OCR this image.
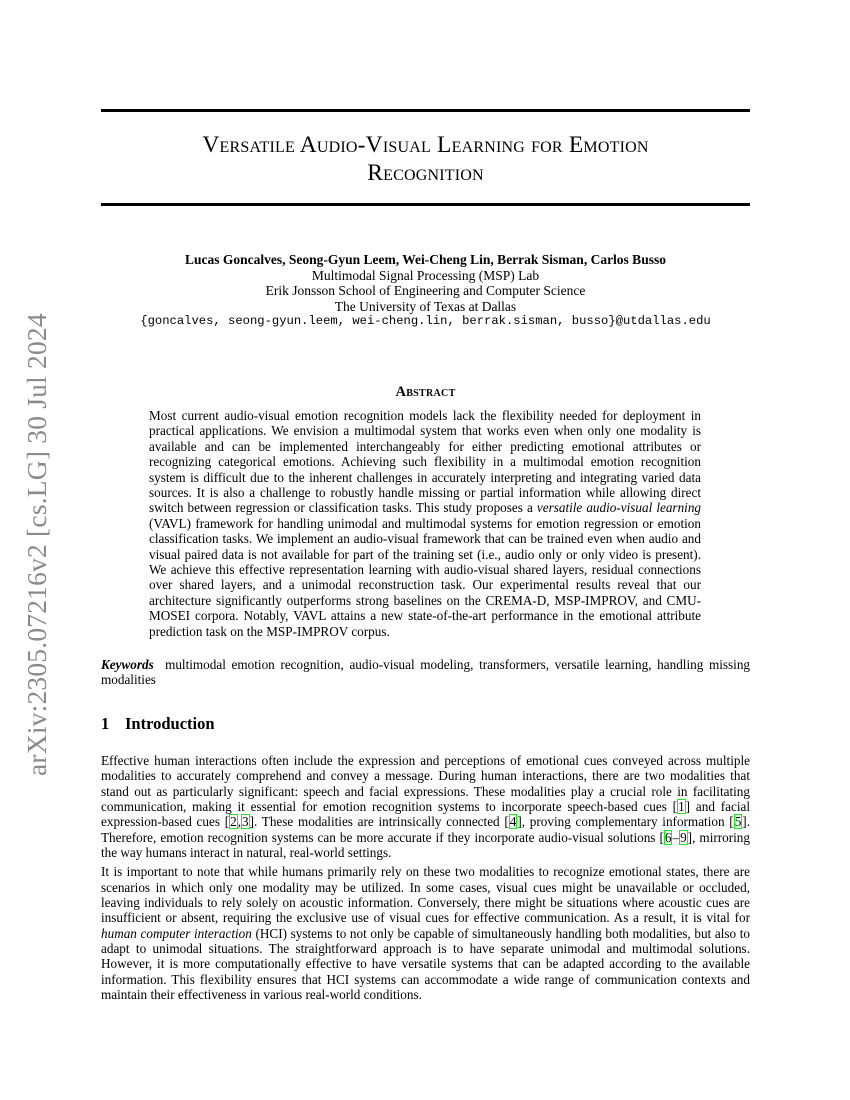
arXiv:2305.07216v2 [cs.LG] 30 Jul 2024
Versatile Audio-Visual Learning for Emotion
Recognition
Lucas Goncalves, Seong-Gyun Leem, Wei-Cheng Lin, Berrak Sisman, Carlos Busso
Multimodal Signal Processing (MSP) Lab
Erik Jonsson School of Engineering and Computer Science
The University of Texas at Dallas
{goncalves, seong-gyun.leem, wei-cheng.lin, berrak.sisman, busso}@utdallas.edu
Abstract
Most current audio-visual emotion recognition models lack the flexibility needed for deployment in practical applications. We envision a multimodal system that works even when only one modality is available and can be implemented interchangeably for either predicting emotional attributes or recognizing categorical emotions. Achieving such flexibility in a multimodal emotion recognition system is difficult due to the inherent challenges in accurately interpreting and integrating varied data sources. It is also a challenge to robustly handle missing or partial information while allowing direct switch between regression or classification tasks. This study proposes a versatile audio-visual learning (VAVL) framework for handling unimodal and multimodal systems for emotion regression or emotion classification tasks. We implement an audio-visual framework that can be trained even when audio and visual paired data is not available for part of the training set (i.e., audio only or only video is present). We achieve this effective representation learning with audio-visual shared layers, residual connections over shared layers, and a unimodal reconstruction task. Our experimental results reveal that our architecture significantly outperforms strong baselines on the CREMA-D, MSP-IMPROV, and CMU-MOSEI corpora. Notably, VAVL attains a new state-of-the-art performance in the emotional attribute prediction task on the MSP-IMPROV corpus.
Keywords multimodal emotion recognition, audio-visual modeling, transformers, versatile learning, handling missing modalities
1 Introduction

Effective human interactions often include the expression and perceptions of emotional cues conveyed across multiple modalities to accurately comprehend and convey a message. During human interactions, there are two modalities that stand out as particularly significant: speech and facial expressions. These modalities play a crucial role in facilitating communication, making it essential for emotion recognition systems to incorporate speech-based cues [1] and facial expression-based cues [2,3]. These modalities are intrinsically connected [4], proving complementary information [5]. Therefore, emotion recognition systems can be more accurate if they incorporate audio-visual solutions [6–9], mirroring the way humans interact in natural, real-world settings.

It is important to note that while humans primarily rely on these two modalities to recognize emotional states, there are scenarios in which only one modality may be utilized. In some cases, visual cues might be unavailable or occluded, leaving individuals to rely solely on acoustic information. Conversely, there might be situations where acoustic cues are insufficient or absent, requiring the exclusive use of visual cues for effective communication. As a result, it is vital for human computer interaction (HCI) systems to not only be capable of simultaneously handling both modalities, but also to adapt to unimodal situations. The straightforward approach is to have separate unimodal and multimodal solutions. However, it is more computationally effective to have versatile systems that can be adapted according to the available information. This flexibility ensures that HCI systems can accommodate a wide range of communication contexts and maintain their effectiveness in various real-world conditions.
